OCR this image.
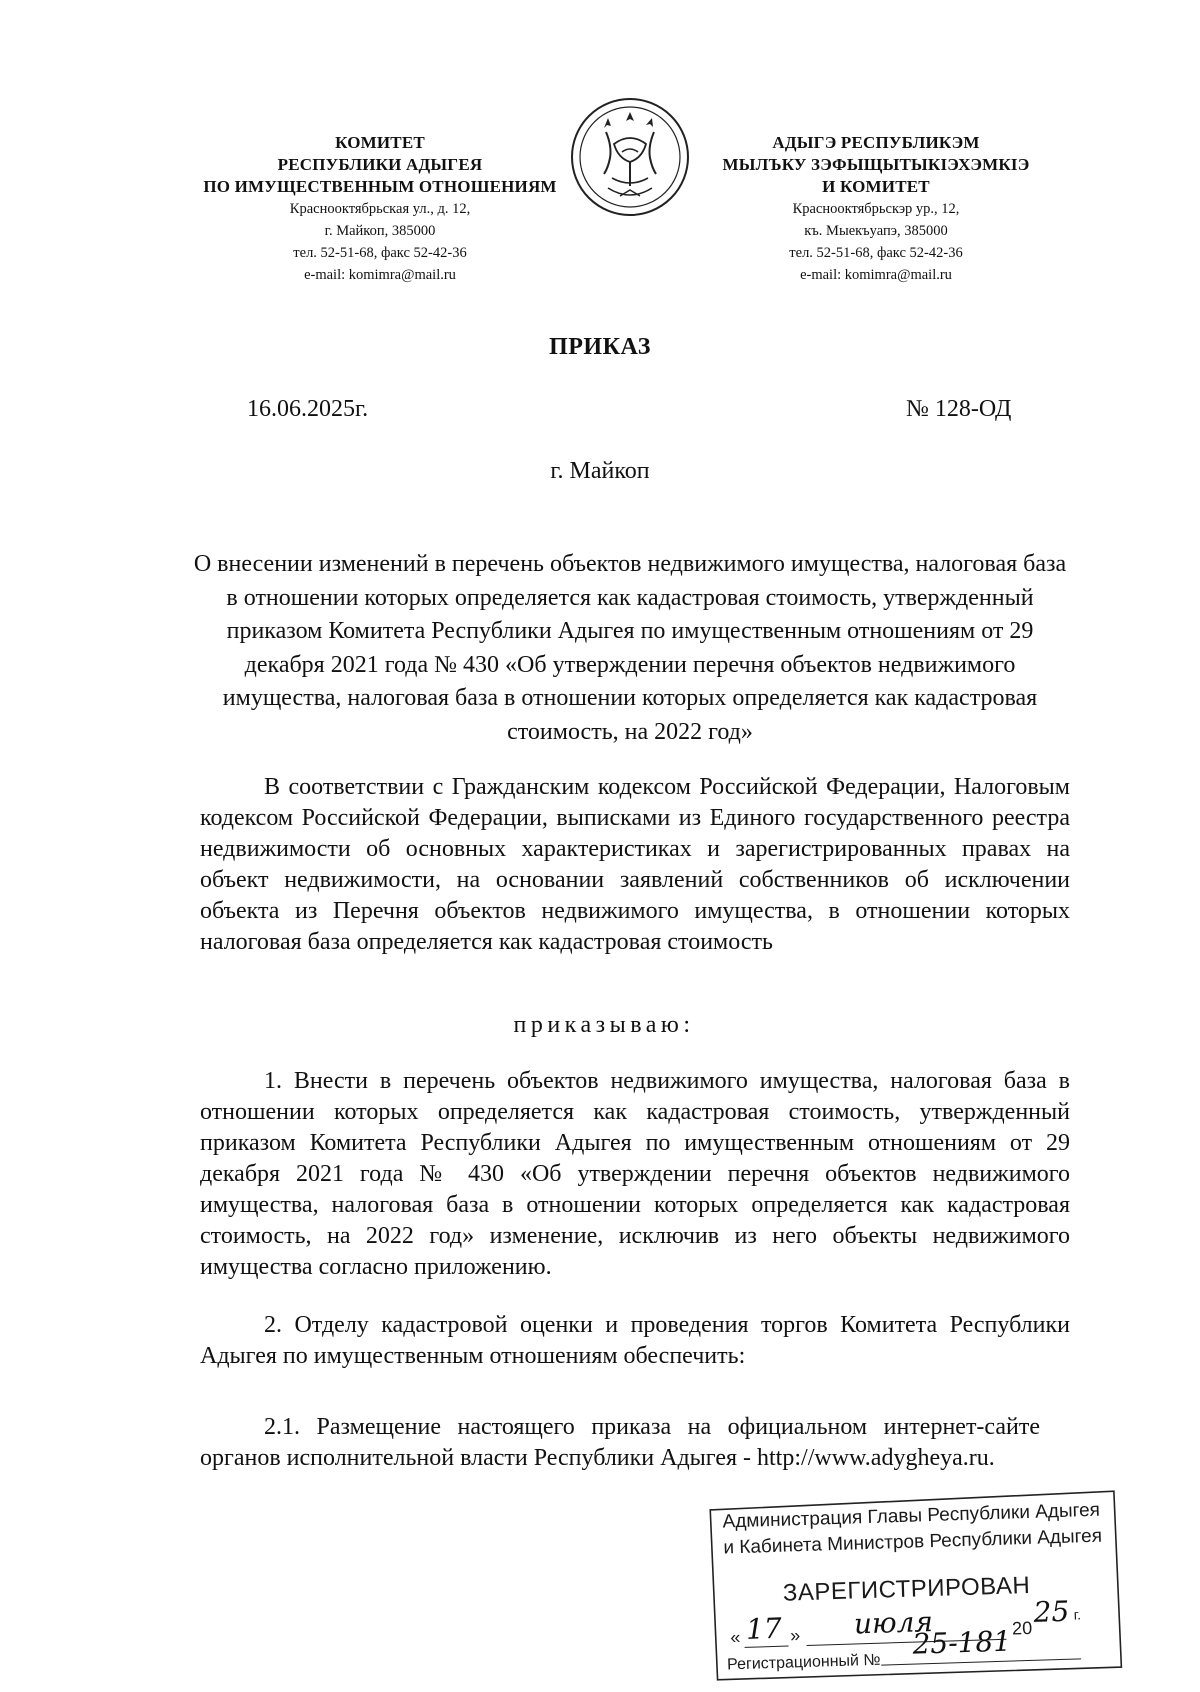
КОМИТЕТ
РЕСПУБЛИКИ АДЫГЕЯ
ПО ИМУЩЕСТВЕННЫМ ОТНОШЕНИЯМ
Краснооктябрьская ул., д. 12,
г. Майкоп, 385000
тел. 52-51-68, факс 52-42-36
e-mail: komimra@mail.ru
АДЫГЭ РЕСПУБЛИКЭМ
МЫЛЪКУ ЗЭФЫЩЫТЫКIЭХЭМКIЭ
И КОМИТЕТ
Краснооктябрьскэр ур., 12,
къ. Мыекъуапэ, 385000
тел. 52-51-68, факс 52-42-36
e-mail: komimra@mail.ru
ПРИКАЗ
16.06.2025г.	№ 128-ОД
г. Майкоп
О внесении изменений в перечень объектов недвижимого имущества, налоговая база в отношении которых определяется как кадастровая стоимость, утвержденный приказом Комитета Республики Адыгея по имущественным отношениям от 29 декабря 2021 года № 430 «Об утверждении перечня объектов недвижимого имущества, налоговая база в отношении которых определяется как кадастровая стоимость, на 2022 год»
В соответствии с Гражданским кодексом Российской Федерации, Налоговым кодексом Российской Федерации, выписками из Единого государственного реестра недвижимости об основных характеристиках и зарегистрированных правах на объект недвижимости, на основании заявлений собственников об исключении объекта из Перечня объектов недвижимого имущества, в отношении которых налоговая база определяется как кадастровая стоимость
приказываю:
1. Внести в перечень объектов недвижимого имущества, налоговая база в отношении которых определяется как кадастровая стоимость, утвержденный приказом Комитета Республики Адыгея по имущественным отношениям от 29 декабря 2021 года № 430 «Об утверждении перечня объектов недвижимого имущества, налоговая база в отношении которых определяется как кадастровая стоимость, на 2022 год» изменение, исключив из него объекты недвижимого имущества согласно приложению.
2. Отделу кадастровой оценки и проведения торгов Комитета Республики Адыгея по имущественным отношениям обеспечить:
2.1. Размещение настоящего приказа на официальном интернет-сайте органов исполнительной власти Республики Адыгея - http://www.adygheya.ru.
Администрация Главы Республики Адыгея
и Кабинета Министров Республики Адыгея
ЗАРЕГИСТРИРОВАН
« 17 » июля	20 25 г.
Регистрационный №
25-181
